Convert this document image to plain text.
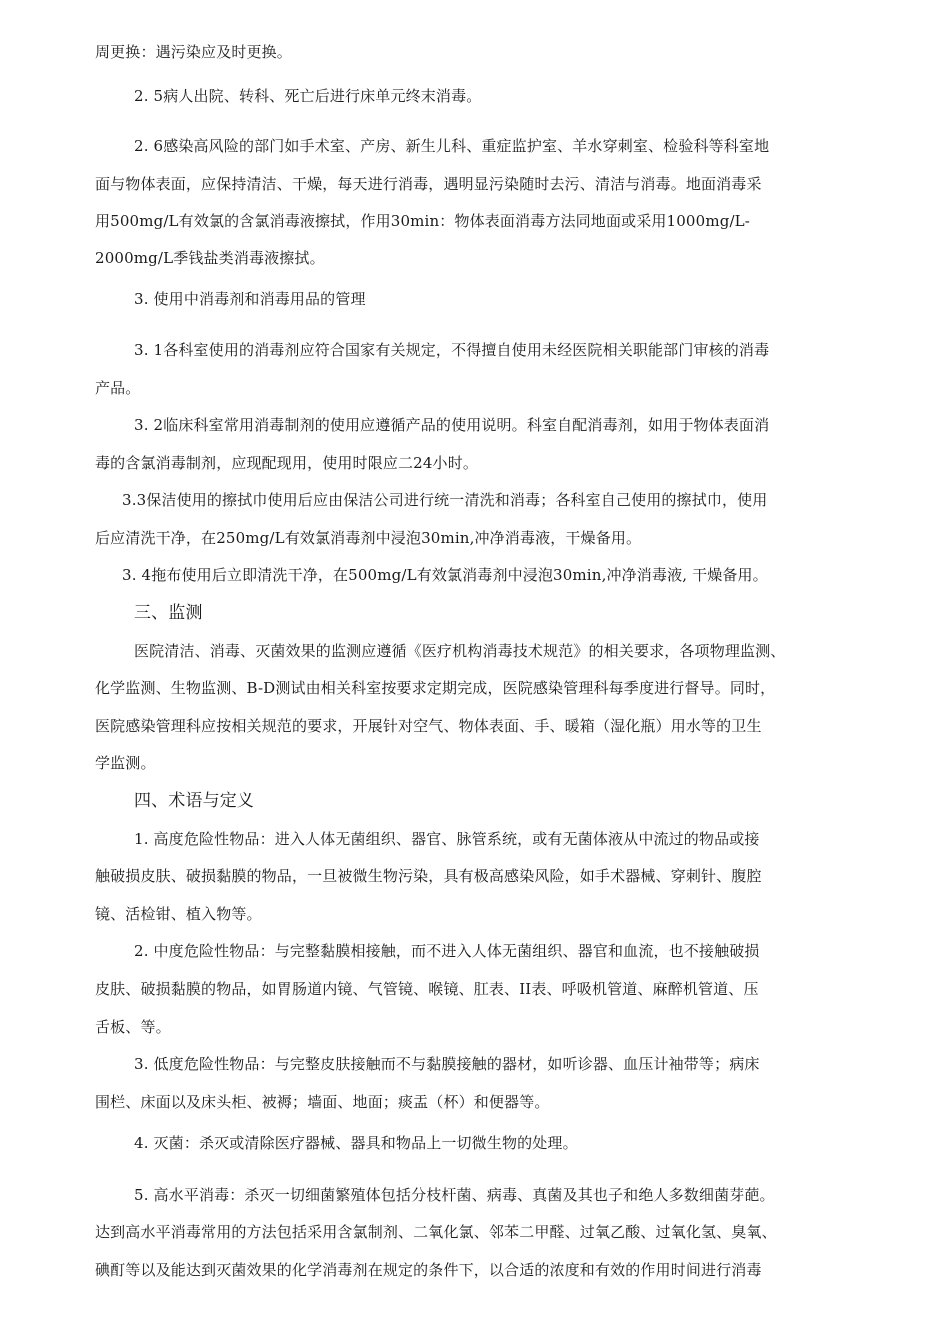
周更换：遇污染应及时更换。
2. 5病人出院、转科、死亡后进行床单元终末消毒。
2. 6感染高风险的部门如手术室、产房、新生儿科、重症监护室、羊水穿刺室、检验科等科室地
面与物体表面，应保持清洁、干燥，每天进行消毒，遇明显污染随时去污、清洁与消毒。地面消毒采
用500mg/L有效氯的含氯消毒液擦拭，作用30min：物体表面消毒方法同地面或采用1000mg/L-
2000mg/L季钱盐类消毒液擦拭。
3. 使用中消毒剂和消毒用品的管理
3. 1各科室使用的消毒剂应符合国家有关规定，不得擅自使用未经医院相关职能部门审核的消毒
产品。
3. 2临床科室常用消毒制剂的使用应遵循产品的使用说明。科室自配消毒剂，如用于物体表面消
毒的含氯消毒制剂，应现配现用，使用时限应二24小时。
3.3保洁使用的擦拭巾使用后应由保洁公司进行统一清洗和消毒；各科室自己使用的擦拭巾，使用
后应清洗干净，在250mg/L有效氯消毒剂中浸泡30min,冲净消毒液，干燥备用。
3. 4拖布使用后立即清洗干净，在500mg/L有效氯消毒剂中浸泡30min,冲净消毒液, 干燥备用。
三、监测
医院清洁、消毒、灭菌效果的监测应遵循《医疗机构消毒技术规范》的相关要求，各项物理监测、
化学监测、生物监测、B-D测试由相关科室按要求定期完成，医院感染管理科每季度进行督导。同时，
医院感染管理科应按相关规范的要求，开展针对空气、物体表面、手、暖箱（湿化瓶）用水等的卫生
学监测。
四、术语与定义
1. 高度危险性物品：进入人体无菌组织、器官、脉管系统，或有无菌体液从中流过的物品或接
触破损皮肤、破损黏膜的物品，一旦被微生物污染，具有极高感染风险，如手术器械、穿刺针、腹腔
镜、活检钳、植入物等。
2. 中度危险性物品：与完整黏膜相接触，而不进入人体无菌组织、器官和血流，也不接触破损
皮肤、破损黏膜的物品，如胃肠道内镜、气管镜、喉镜、肛表、II表、呼吸机管道、麻醉机管道、压
舌板、等。
3. 低度危险性物品：与完整皮肤接触而不与黏膜接触的器材，如听诊器、血压计袖带等；病床
围栏、床面以及床头柜、被褥；墙面、地面；痰盂（杯）和便器等。
4. 灭菌：杀灭或清除医疗器械、器具和物品上一切微生物的处理。
5. 高水平消毒：杀灭一切细菌繁殖体包括分枝杆菌、病毒、真菌及其也子和绝人多数细菌芽葩。
达到高水平消毒常用的方法包括采用含氯制剂、二氧化氯、邻苯二甲醛、过氧乙酸、过氧化氢、臭氧、
碘酊等以及能达到灭菌效果的化学消毒剂在规定的条件下，以合适的浓度和有效的作用时间进行消毒
